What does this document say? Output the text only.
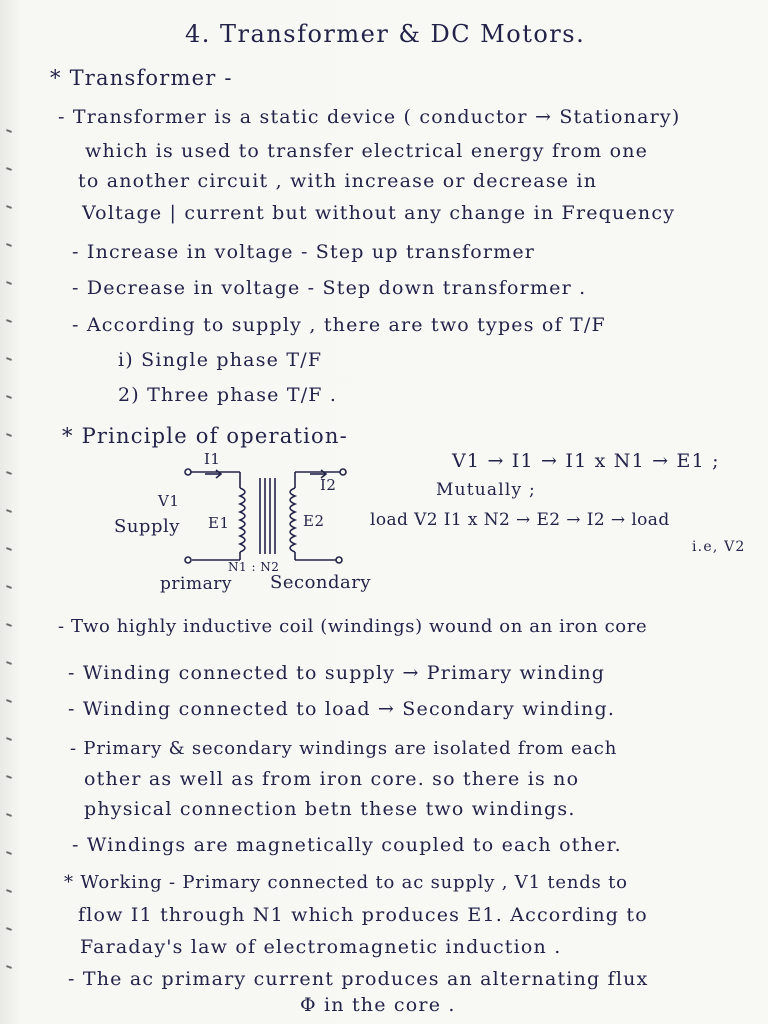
4. Transformer & DC Motors.
* Transformer -
- Transformer is a static device ( conductor → Stationary)
which is used to transfer electrical energy from one
to another circuit , with increase or decrease in
Voltage | current but without any change in Frequency
- Increase in voltage - Step up transformer
- Decrease in voltage - Step down transformer .
- According to supply , there are two types of T/F
i) Single phase T/F
2) Three phase T/F .
* Principle of operation-
I1
I2
V1
Supply E1	E2
N1 : N2
primary Secondary
V1 → I1 → I1 x N1 → E1 ;
Mutually ;
load V2 I1 x N2 → E2 → I2 → load
i.e, V2
- Two highly inductive coil (windings) wound on an iron core
- Winding connected to supply → Primary winding
- Winding connected to load → Secondary winding.
- Primary & secondary windings are isolated from each
other as well as from iron core. so there is no
physical connection betn these two windings.
- Windings are magnetically coupled to each other.
* Working - Primary connected to ac supply , V1 tends to
flow I1 through N1 which produces E1. According to
Faraday's law of electromagnetic induction .
- The ac primary current produces an alternating flux
Φ in the core .
